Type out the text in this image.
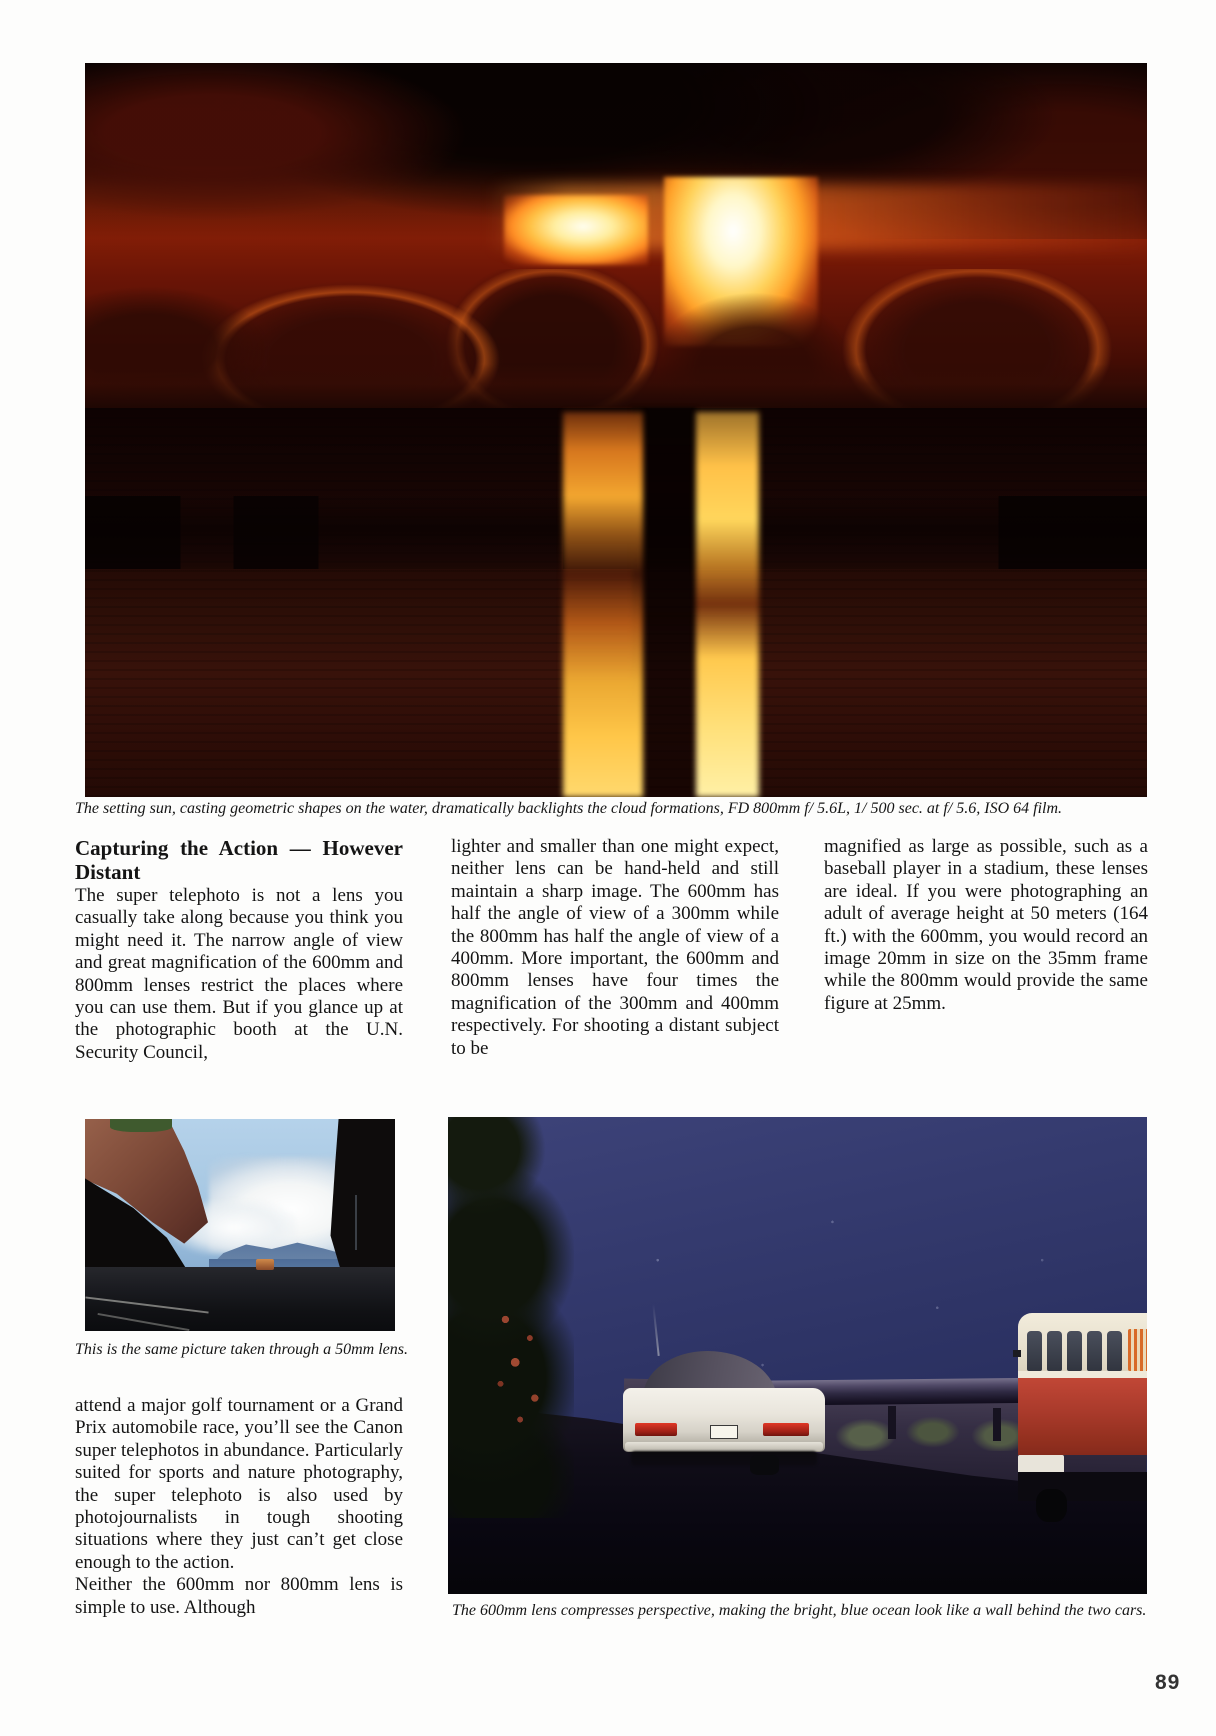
The setting sun, casting geometric shapes on the water, dramatically backlights the cloud formations, FD 800mm f/ 5.6L, 1/ 500 sec. at f/ 5.6, ISO 64 film.

Capturing the Action — However Distant

The super telephoto is not a lens you casually take along because you think you might need it. The narrow angle of view and great magnification of the 600mm and 800mm lenses restrict the places where you can use them. But if you glance up at the photographic booth at the U.N. Security Council,

lighter and smaller than one might expect, neither lens can be hand-held and still maintain a sharp image. The 600mm has half the angle of view of a 300mm while the 800mm has half the angle of view of a 400mm. More important, the 600mm and 800mm lenses have four times the magnification of the 300mm and 400mm respectively. For shooting a distant subject to be

magnified as large as possible, such as a baseball player in a stadium, these lenses are ideal. If you were photographing an adult of average height at 50 meters (164 ft.) with the 600mm, you would record an image 20mm in size on the 35mm frame while the 800mm would provide the same figure at 25mm.

This is the same picture taken through a 50mm lens.

attend a major golf tournament or a Grand Prix automobile race, you’ll see the Canon super telephotos in abundance. Particularly suited for sports and nature photography, the super telephoto is also used by photojournalists in tough shooting situations where they just can’t get close enough to the action.

Neither the 600mm nor 800mm lens is simple to use. Although	The 600mm lens compresses perspective, making the bright, blue ocean look like a wall behind the two cars.

89
